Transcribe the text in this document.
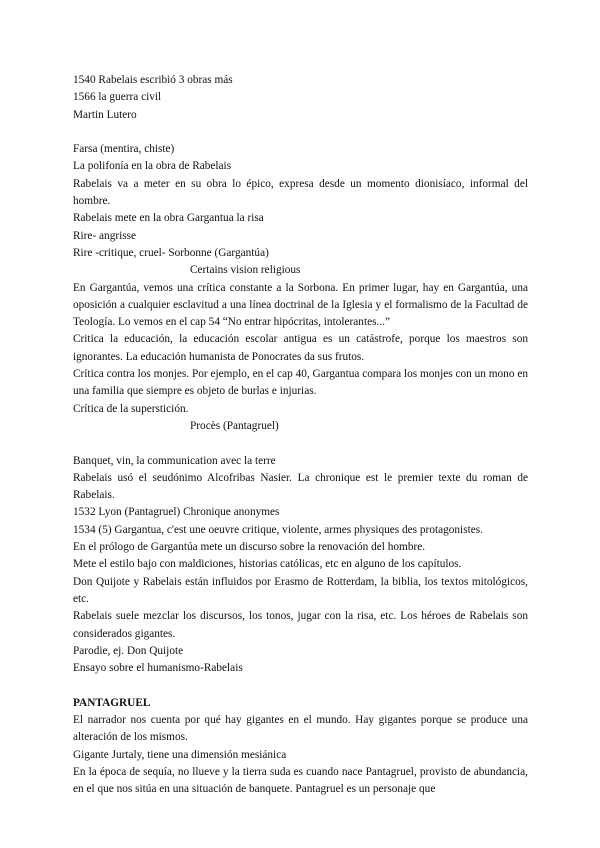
1540 Rabelais escribió 3 obras más

1566 la guerra civil

Martin Lutero

Farsa (mentira, chiste)

La polifonía en la obra de Rabelais

Rabelais va a meter en su obra lo épico, expresa desde un momento dionisíaco, informal del hombre.

Rabelais mete en la obra Gargantua la risa

Rire- angrisse

Rire -critique, cruel- Sorbonne (Gargantúa)

Certains vision religious

En Gargantúa, vemos una crítica constante a la Sorbona. En primer lugar, hay en Gargantúa, una oposición a cualquier esclavitud a una línea doctrinal de la Iglesia y el formalismo de la Facultad de Teología. Lo vemos en el cap 54 “No entrar hipócritas, intolerantes...”

Critica la educación, la educación escolar antigua es un catástrofe, porque los maestros son ignorantes. La educación humanista de Ponocrates da sus frutos.

Crítica contra los monjes. Por ejemplo, en el cap 40, Gargantua compara los monjes con un mono en una familia que siempre es objeto de burlas e injurias.

Crítica de la superstición.

Procès (Pantagruel)

Banquet, vin, la communication avec la terre

Rabelais usó el seudónimo Alcofribas Nasier. La chronique est le premier texte du roman de Rabelais.

1532 Lyon (Pantagruel) Chronique anonymes

1534 (5) Gargantua, c'est une oeuvre critique, violente, armes physiques des protagonistes.

En el prólogo de Gargantúa mete un discurso sobre la renovación del hombre.

Mete el estilo bajo con maldiciones, historias católicas, etc en alguno de los capítulos.

Don Quijote y Rabelais están influidos por Erasmo de Rotterdam, la biblia, los textos mitológicos, etc.

Rabelais suele mezclar los discursos, los tonos, jugar con la risa, etc. Los héroes de Rabelais son considerados gigantes.

Parodie, ej. Don Quijote

Ensayo sobre el humanismo-Rabelais

PANTAGRUEL

El narrador nos cuenta por qué hay gigantes en el mundo. Hay gigantes porque se produce una alteración de los mismos.

Gigante Jurtaly, tiene una dimensión mesiánica

En la época de sequía, no llueve y la tierra suda es cuando nace Pantagruel, provisto de abundancia, en el que nos sitúa en una situación de banquete. Pantagruel es un personaje que
